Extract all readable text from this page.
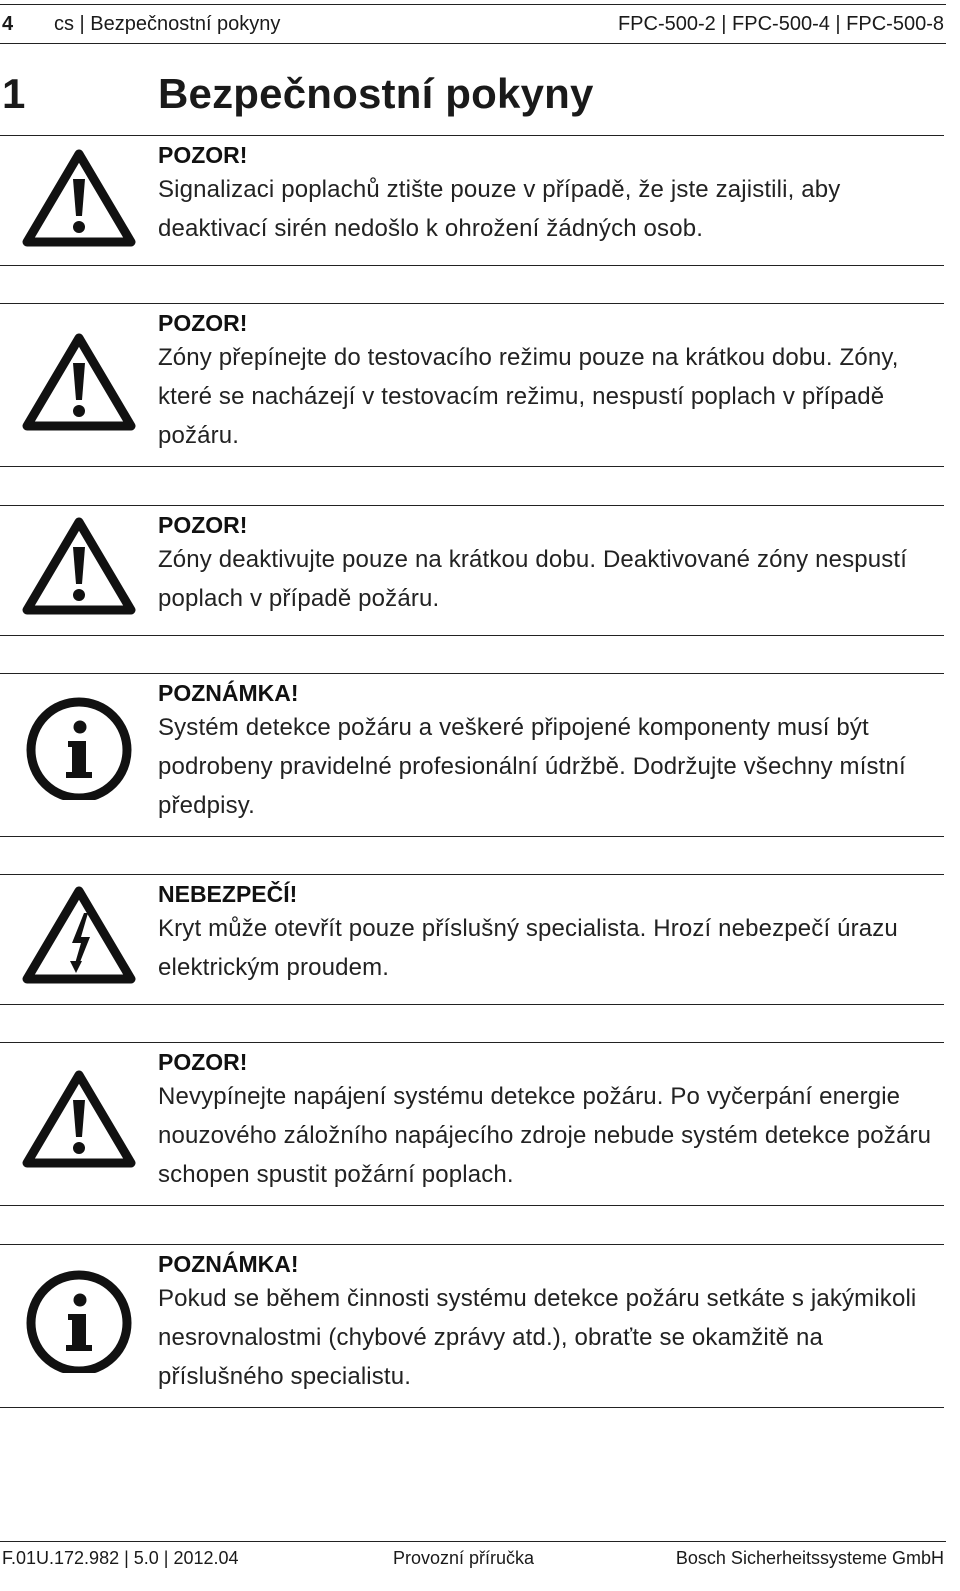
4 cs | Bezpečnostní pokyny	FPC-500-2 | FPC-500-4 | FPC-500-8
1	Bezpečnostní pokyny
POZOR!
Signalizaci poplachů ztište pouze v případě, že jste zajistili, aby deaktivací sirén nedošlo k ohrožení žádných osob.
POZOR!
Zóny přepínejte do testovacího režimu pouze na krátkou dobu. Zóny, které se nacházejí v testovacím režimu, nespustí poplach v případě požáru.
POZOR!
Zóny deaktivujte pouze na krátkou dobu. Deaktivované zóny nespustí poplach v případě požáru.
POZNÁMKA!
Systém detekce požáru a veškeré připojené komponenty musí být podrobeny pravidelné profesionální údržbě. Dodržujte všechny místní předpisy.
NEBEZPEČÍ!
Kryt může otevřít pouze příslušný specialista. Hrozí nebezpečí úrazu elektrickým proudem.
POZOR!
Nevypínejte napájení systému detekce požáru. Po vyčerpání energie nouzového záložního napájecího zdroje nebude systém detekce požáru schopen spustit požární poplach.
POZNÁMKA!
Pokud se během činnosti systému detekce požáru setkáte s jakýmikoli nesrovnalostmi (chybové zprávy atd.), obraťte se okamžitě na příslušného specialistu.
F.01U.172.982 | 5.0 | 2012.04	Provozní příručka	Bosch Sicherheitssysteme GmbH
